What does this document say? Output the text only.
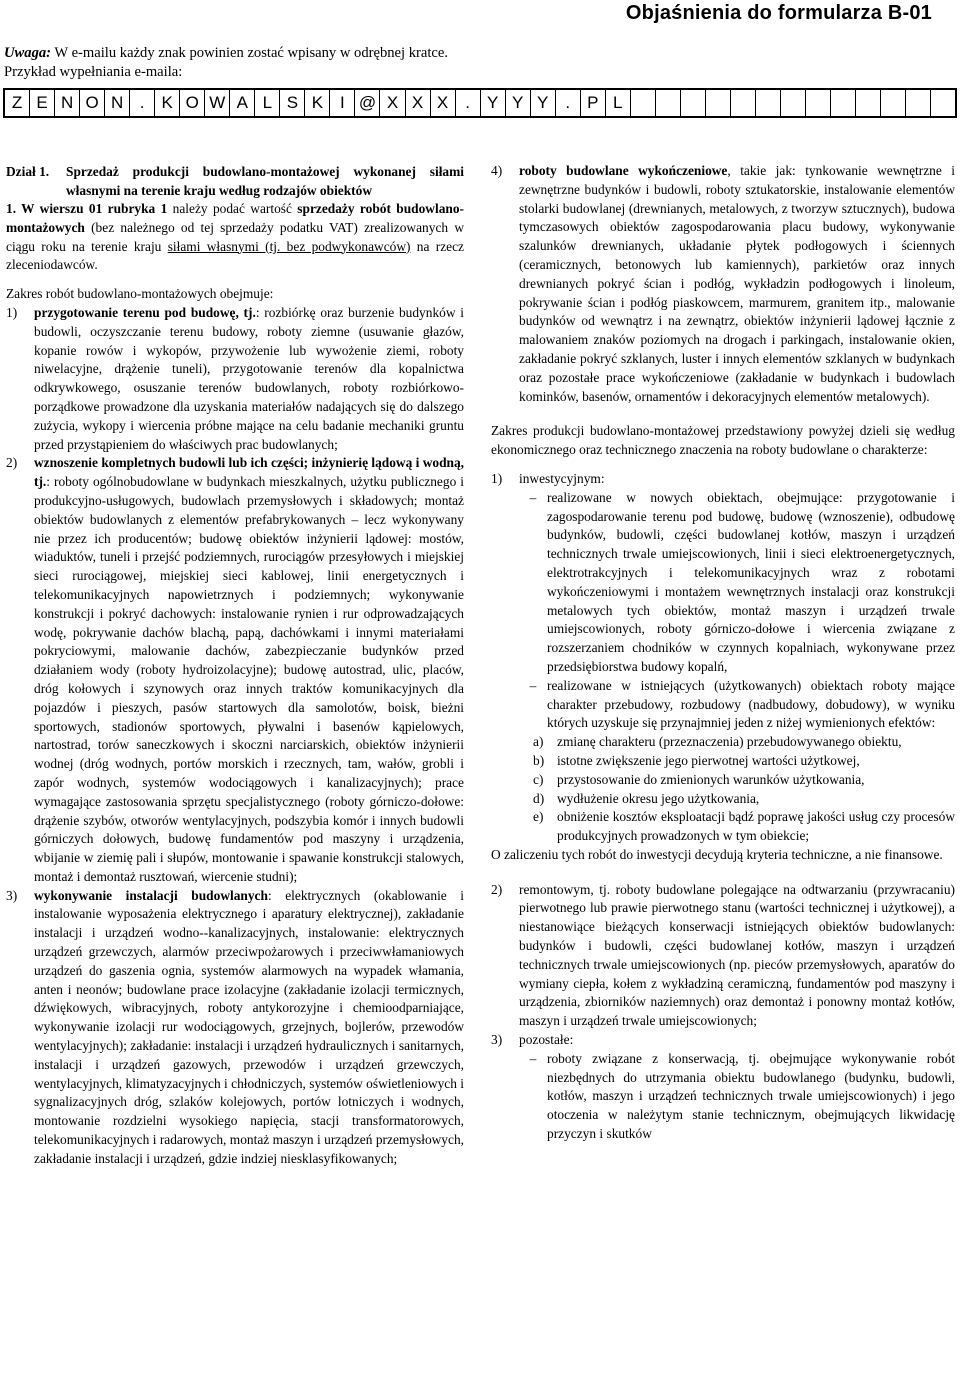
Objaśnienia do formularza B-01
Uwaga: W e-mailu każdy znak powinien zostać wpisany w odrębnej kratce.
Przykład wypełniania e-maila:
Z E N O N .	K O W A L S K I @ X X X .	Y Y Y .	P L
Dział 1.	Sprzedaż produkcji budowlano-montażowej wykonanej siłami własnymi na terenie kraju według rodzajów obiektów

1. W wierszu 01 rubryka 1 należy podać wartość sprzedaży robót budowlano-montażowych (bez należnego od tej sprzedaży podatku VAT) zrealizowanych w ciągu roku na terenie kraju siłami własnymi (tj. bez podwykonawców) na rzecz zleceniodawców.

Zakres robót budowlano-montażowych obejmuje:

1)	przygotowanie terenu pod budowę, tj.: rozbiórkę oraz burzenie budynków i budowli, oczyszczanie terenu budowy, roboty ziemne (usuwanie głazów, kopanie rowów i wykopów, przywożenie lub wywożenie ziemi, roboty niwelacyjne, drążenie tuneli), przygotowanie terenów dla kopalnictwa odkrywkowego, osuszanie terenów budowlanych, roboty rozbiórkowo-porządkowe prowadzone dla uzyskania materiałów nadających się do dalszego zużycia, wykopy i wiercenia próbne mające na celu badanie mechaniki gruntu przed przystąpieniem do właściwych prac budowlanych;
2)	wznoszenie kompletnych budowli lub ich części; inżynierię lądową i wodną, tj.: roboty ogólnobudowlane w budynkach mieszkalnych, użytku publicznego i produkcyjno-usługowych, budowlach przemysłowych i składowych; montaż obiektów budowlanych z elementów prefabrykowanych – lecz wykonywany nie przez ich producentów; budowę obiektów inżynierii lądowej: mostów, wiaduktów, tuneli i przejść podziemnych, rurociągów przesyłowych i miejskiej sieci rurociągowej, miejskiej sieci kablowej, linii energetycznych i telekomunikacyjnych napowietrznych i podziemnych; wykonywanie konstrukcji i pokryć dachowych: instalowanie rynien i rur odprowadzających wodę, pokrywanie dachów blachą, papą, dachówkami i innymi materiałami pokryciowymi, malowanie dachów, zabezpieczanie budynków przed działaniem wody (roboty hydroizolacyjne); budowę autostrad, ulic, placów, dróg kołowych i szynowych oraz innych traktów komunikacyjnych dla pojazdów i pieszych, pasów startowych dla samolotów, boisk, bieżni sportowych, stadionów sportowych, pływalni i basenów kąpielowych, nartostrad, torów saneczkowych i skoczni narciarskich, obiektów inżynierii wodnej (dróg wodnych, portów morskich i rzecznych, tam, wałów, grobli i zapór wodnych, systemów wodociągowych i kanalizacyjnych); prace wymagające zastosowania sprzętu specjalistycznego (roboty górniczo-dołowe: drążenie szybów, otworów wentylacyjnych, podszybia komór i innych budowli górniczych dołowych, budowę fundamentów pod maszyny i urządzenia, wbijanie w ziemię pali i słupów, montowanie i spawanie konstrukcji stalowych, montaż i demontaż rusztowań, wiercenie studni);
3)	wykonywanie instalacji budowlanych: elektrycznych (okablowanie i instalowanie wyposażenia elektrycznego i aparatury elektrycznej), zakładanie instalacji i urządzeń wodno--kanalizacyjnych, instalowanie: elektrycznych urządzeń grzewczych, alarmów przeciwpożarowych i przeciwwłamaniowych urządzeń do gaszenia ognia, systemów alarmowych na wypadek włamania, anten i neonów; budowlane prace izolacyjne (zakładanie izolacji termicznych, dźwiękowych, wibracyjnych, roboty antykorozyjne i chemioodparniające, wykonywanie izolacji rur wodociągowych, grzejnych, bojlerów, przewodów wentylacyjnych); zakładanie: instalacji i urządzeń hydraulicznych i sanitarnych, instalacji i urządzeń gazowych, przewodów i urządzeń grzewczych, wentylacyjnych, klimatyzacyjnych i chłodniczych, systemów oświetleniowych i sygnalizacyjnych dróg, szlaków kolejowych, portów lotniczych i wodnych, montowanie rozdzielni wysokiego napięcia, stacji transformatorowych, telekomunikacyjnych i radarowych, montaż maszyn i urządzeń przemysłowych, zakładanie instalacji i urządzeń, gdzie indziej niesklasyfikowanych;
4)	roboty budowlane wykończeniowe, takie jak: tynkowanie wewnętrzne i zewnętrzne budynków i budowli, roboty sztukatorskie, instalowanie elementów stolarki budowlanej (drewnianych, metalowych, z tworzyw sztucznych), budowa tymczasowych obiektów zagospodarowania placu budowy, wykonywanie szalunków drewnianych, układanie płytek podłogowych i ściennych (ceramicznych, betonowych lub kamiennych), parkietów oraz innych drewnianych pokryć ścian i podłóg, wykładzin podłogowych i linoleum, pokrywanie ścian i podłóg piaskowcem, marmurem, granitem itp., malowanie budynków od wewnątrz i na zewnątrz, obiektów inżynierii lądowej łącznie z malowaniem znaków poziomych na drogach i parkingach, instalowanie okien, zakładanie pokryć szklanych, luster i innych elementów szklanych w budynkach oraz pozostałe prace wykończeniowe (zakładanie w budynkach i budowlach kominków, basenów, ornamentów i dekoracyjnych elementów metalowych).

Zakres produkcji budowlano-montażowej przedstawiony powyżej dzieli się według ekonomicznego oraz technicznego znaczenia na roboty budowlane o charakterze:

1)	inwestycyjnym:
– realizowane w nowych obiektach, obejmujące: przygotowanie i zagospodarowanie terenu pod budowę, budowę (wznoszenie), odbudowę budynków, budowli, części budowlanej kotłów, maszyn i urządzeń technicznych trwale umiejscowionych, linii i sieci elektroenergetycznych, elektrotrakcyjnych i telekomunikacyjnych wraz z robotami wykończeniowymi i montażem wewnętrznych instalacji oraz konstrukcji metalowych tych obiektów, montaż maszyn i urządzeń trwale umiejscowionych, roboty górniczo-dołowe i wiercenia związane z rozszerzaniem chodników w czynnych kopalniach, wykonywane przez przedsiębiorstwa budowy kopalń,
– realizowane w istniejących (użytkowanych) obiektach roboty mające charakter przebudowy, rozbudowy (nadbudowy, dobudowy), w wyniku których uzyskuje się przynajmniej jeden z niżej wymienionych efektów:
a)	zmianę charakteru (przeznaczenia) przebudowywanego obiektu,
b) istotne zwiększenie jego pierwotnej wartości użytkowej,
c)	przystosowanie do zmienionych warunków użytkowania,
d) wydłużenie okresu jego użytkowania,
e)	obniżenie kosztów eksploatacji bądź poprawę jakości usług czy procesów produkcyjnych prowadzonych w tym obiekcie;

O zaliczeniu tych robót do inwestycji decydują kryteria techniczne, a nie finansowe.

2)	remontowym, tj. roboty budowlane polegające na odtwarzaniu (przywracaniu) pierwotnego lub prawie pierwotnego stanu (wartości technicznej i użytkowej), a niestanowiące bieżących konserwacji istniejących obiektów budowlanych: budynków i budowli, części budowlanej kotłów, maszyn i urządzeń technicznych trwale umiejscowionych (np. pieców przemysłowych, aparatów do wymiany ciepła, kołem z wykładziną ceramiczną, fundamentów pod maszyny i urządzenia, zbiorników naziemnych) oraz demontaż i ponowny montaż kotłów, maszyn i urządzeń trwale umiejscowionych;
3)	pozostałe:
– roboty związane z konserwacją, tj. obejmujące wykonywanie robót niezbędnych do utrzymania obiektu budowlanego (budynku, budowli, kotłów, maszyn i urządzeń technicznych trwale umiejscowionych) i jego otoczenia w należytym stanie technicznym, obejmujących likwidację przyczyn i skutków
